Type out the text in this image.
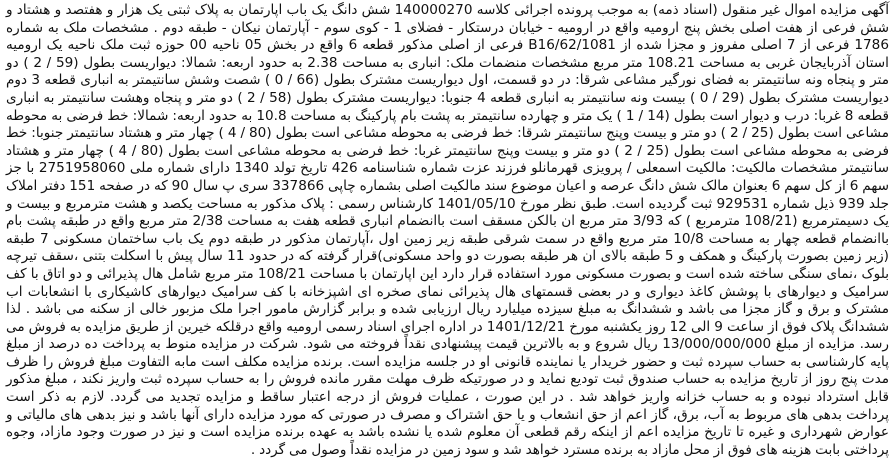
آگهی مزایده اموال غیر منقول (اسناد ذمه) به موجب پرونده اجرائی کلاسه 140000270 شش دانگ یک باب اپارتمان به پلاک ثبتی یک هزار و هفتصد و هشتاد و شش فرعی از هفت اصلی بخش پنج ارومیه واقع در ارومیه - خیابان درستکار - فضلای 1 - کوی سوم - آپارتمان نیکان - طبقه دوم . مشخصات ملک به شماره 1786 فرعی از 7 اصلی مفروز و مجزا شده از B16/62/1081 فرعی از اصلی مذکور قطعه 6 واقع در بخش 05 ناحیه 00 حوزه ثبت ملک ناحیه یک ارومیه استان آذربایجان غربی به مساحت 108.21 متر مربع مشخصات منضمات ملک: انباری به مساحت 2.38 به حدود اربعه: شمالا: دیواریست بطول (59 / 2 ) دو متر و پنجاه ونه سانتیمتر به فضای نورگیر مشاعی شرقا: در دو قسمت، اول دیواریست مشترک بطول (66 / 0 ) شصت وشش سانتیمتر به انباری قطعه 3 دوم دیواریست مشترک بطول (29 / 0 ) بیست ونه سانتیمتر به انباری قطعه 4 جنوبا: دیواریست مشترک بطول (58 / 2 ) دو متر و پنجاه وهشت سانتیمتر به انباری قطعه 8 غربا: درب و دیوار است بطول (14 / 1 ) یک متر و چهارده سانتیمتر به پشت بام پارکینگ به مساحت 10.8 به حدود اربعه: شمالا: خط فرضی به محوطه مشاعی است بطول (25 / 2 ) دو متر و بیست وپنج سانتیمتر شرقا: خط فرضی به محوطه مشاعی است بطول (80 / 4 ) چهار متر و هشتاد سانتیمتر جنوبا: خط فرضی به محوطه مشاعی است بطول (25 / 2 ) دو متر و بیست وپنج سانتیمتر غربا: خط فرضی به محوطه مشاعی است بطول (80 / 4 ) چهار متر و هشتاد سانتیمتر مشخصات مالکیت: مالکیت اسمعلی / پرویزی قهرمانلو فرزند عزت شماره شناسنامه 426 تاریخ تولد 1340 دارای شماره ملی 2751958060 با جز سهم 6 از کل سهم 6 بعنوان مالک شش دانگ عرصه و اعیان موضوع سند مالکیت اصلی بشماره چاپی 337866 سری پ سال 90 که در صفحه 151 دفتر املاک جلد 939 ذیل شماره 929531 ثبت گردیده است. طبق نظر مورخ 1401/05/10 کارشناس رسمی : پلاک مذکور به مساحت یکصد و هشت مترمربع و بیست و یک دسیمترمربع (108/21 مترمربع ) که 3/93 متر مربع ان بالکن مسقف است باانضمام انباری قطعه هفت به مساحت 2/38 متر مربع واقع در طبقه پشت بام باانضمام قطعه چهار به مساحت 10/8 متر مربع واقع در سمت شرقی طبقه زیر زمین اول ،آپارتمان مذکور در طبقه دوم یک باب ساختمان مسکونی 7 طبقه (زیر زمین بصورت پارکینگ و همکف و 5 طبقه بالای ان هر طبقه بصورت دو واحد مسکونی)قرار گرفته که در حدود 11 سال پیش با اسکلت بتنی ،سقف تیرچه بلوک ،نمای سنگی ساخته شده است و بصورت مسکونی مورد استفاده قرار دارد این اپارتمان با مساحت 108/21 متر مربع شامل هال پذیرائی و دو اتاق با کف سرامیک و دیوارهای با پوشش کاغذ دیواری و در بعضی قسمتهای هال پذیرائی نمای صخره ای اشپزخانه با کف سرامیک دیوارهای کاشیکاری با انشعابات اب مشترک و برق و گاز مجزا می باشد و ششدانگ به مبلغ سیزده میلیارد ریال ارزیابی شده و برابر گزارش مامور اجرا ملک مزبور خالی از سکنه می باشد . لذا ششدانگ پلاک فوق از ساعت 9 الی 12 روز یکشنبه مورخ 1401/12/21 در اداره اجرای اسناد رسمی ارومیه واقع درقلکه خیرین از طریق مزایده به فروش می رسد. مزایده از مبلغ 13/000/000/000 ریال شروع و به بالاترین قیمت پیشنهادی نقداً فروخته می شود. شرکت در مزایده منوط به پرداخت ده درصد از مبلغ پایه کارشناسی به حساب سپرده ثبت و حضور خریدار یا نماینده قانونی او در جلسه مزایده است. برنده مزایده مکلف است مابه التفاوت مبلغ فروش را ظرف مدت پنج روز از تاریخ مزایده به حساب صندوق ثبت تودیع نماید و در صورتیکه ظرف مهلت مقرر مانده فروش را به حساب سپرده ثبت واریز نکند ، مبلغ مذکور قابل استرداد نبوده و به حساب خزانه واریز خواهد شد . در این صورت ، عملیات فروش از درجه اعتبار ساقط و مزایده تجدید می گردد. لازم به ذکر است پرداخت بدهی های مربوط به آب، برق، گاز اعم از حق انشعاب و یا حق اشتراک و مصرف در صورتی که مورد مزایده دارای آنها باشد و نیز بدهی های مالیاتی و عوارض شهرداری و غیره تا تاریخ مزایده اعم از اینکه رقم قطعی آن معلوم شده یا نشده باشد به عهده برنده مزایده است و نیز در صورت وجود مازاد، وجوه پرداختی بابت هزینه های فوق از محل مازاد به برنده مسترد خواهد شد و سود زمین در مزایده نقداً وصول می گردد .
